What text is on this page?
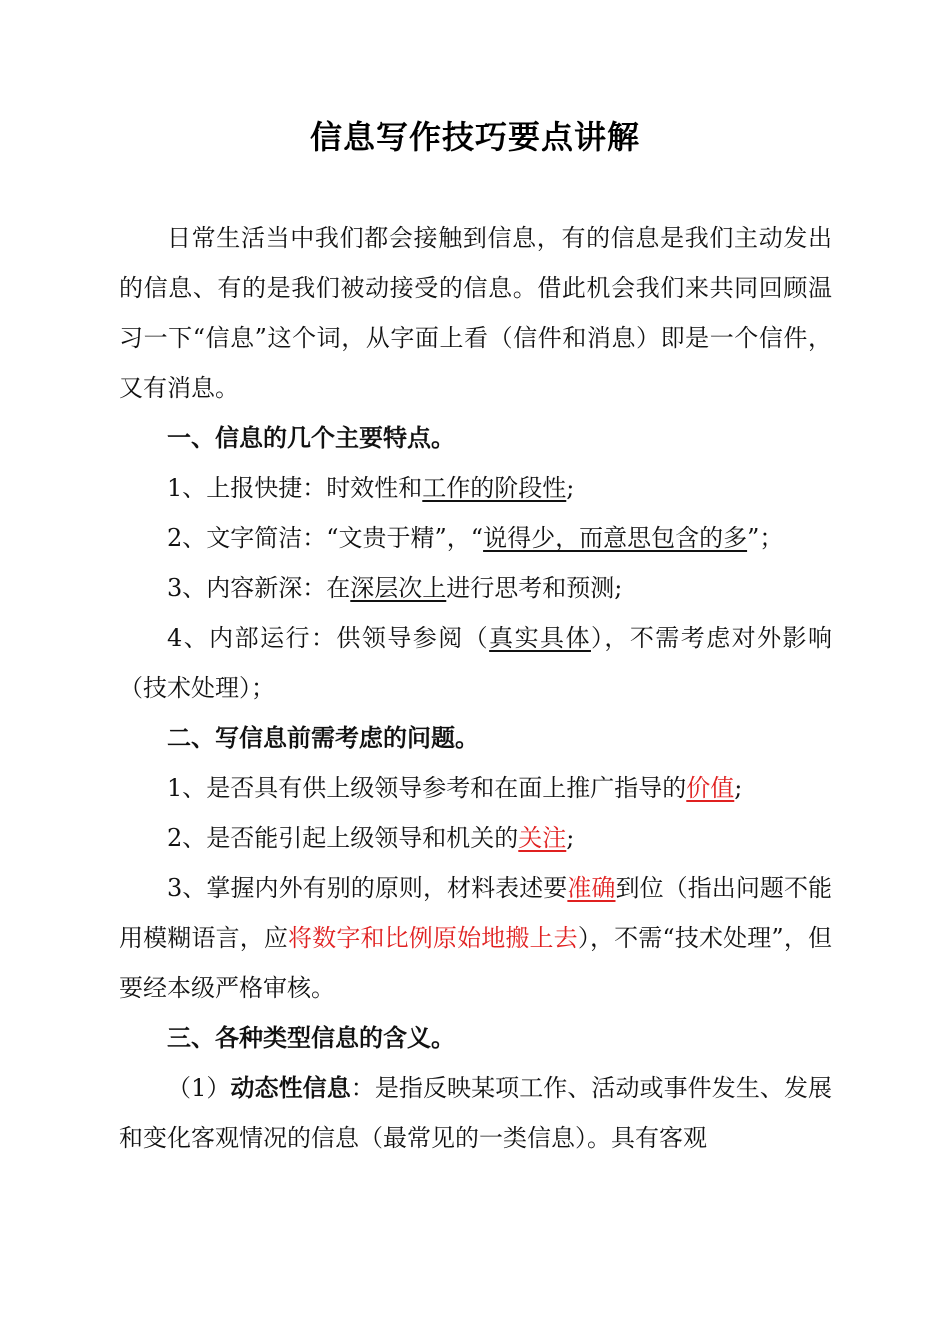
信息写作技巧要点讲解

日常生活当中我们都会接触到信息，有的信息是我们主动发出的信息、有的是我们被动接受的信息。借此机会我们来共同回顾温习一下“信息”这个词，从字面上看（信件和消息）即是一个信件，又有消息。

一、信息的几个主要特点。

1、上报快捷：时效性和工作的阶段性;

2、文字简洁：“文贵于精”，“说得少，而意思包含的多”；

3、内容新深：在深层次上进行思考和预测;

4、内部运行：供领导参阅（真实具体），不需考虑对外影响（技术处理）；

二、写信息前需考虑的问题。

1、是否具有供上级领导参考和在面上推广指导的价值;

2、是否能引起上级领导和机关的关注;

3、掌握内外有别的原则，材料表述要准确到位（指出问题不能用模糊语言，应将数字和比例原始地搬上去），不需“技术处理”，但要经本级严格审核。

三、各种类型信息的含义。

（1）动态性信息：是指反映某项工作、活动或事件发生、发展和变化客观情况的信息（最常见的一类信息）。具有客观
